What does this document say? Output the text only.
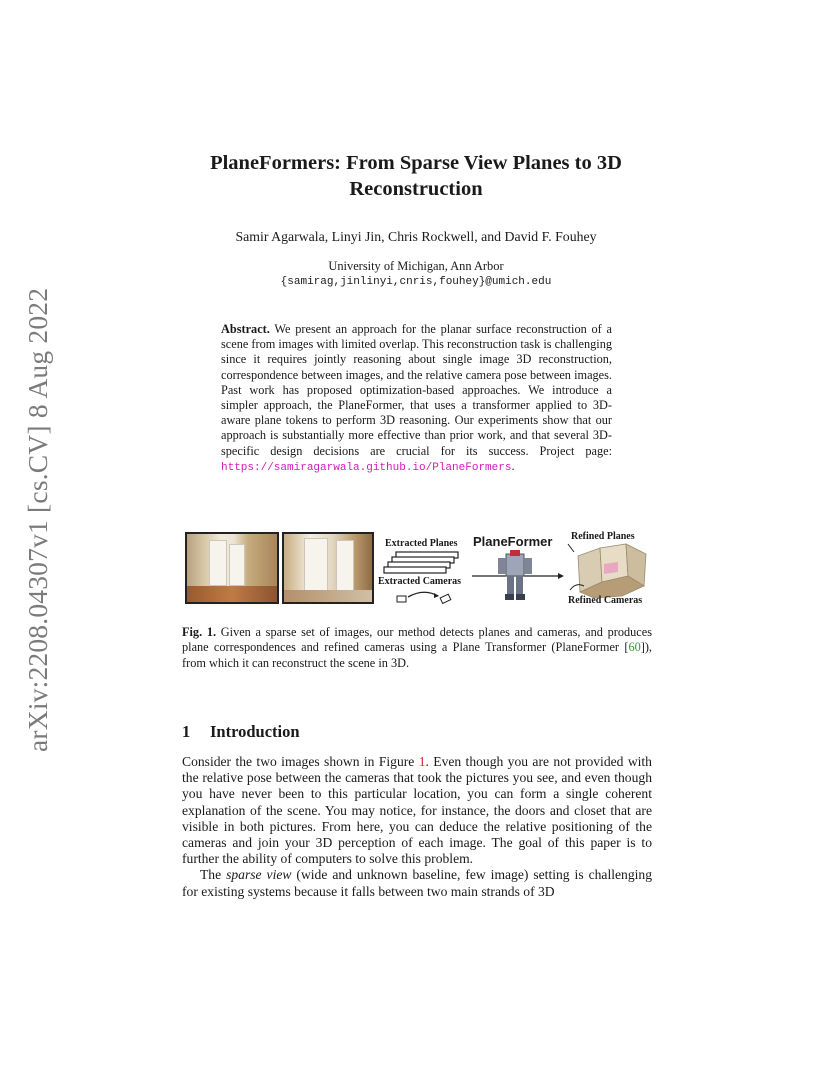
arXiv:2208.04307v1 [cs.CV] 8 Aug 2022
PlaneFormers: From Sparse View Planes to 3D Reconstruction
Samir Agarwala, Linyi Jin, Chris Rockwell, and David F. Fouhey
University of Michigan, Ann Arbor
{samirag,jinlinyi,cnris,fouhey}@umich.edu
Abstract. We present an approach for the planar surface reconstruction of a scene from images with limited overlap. This reconstruction task is challenging since it requires jointly reasoning about single image 3D reconstruction, correspondence between images, and the relative camera pose between images. Past work has proposed optimization-based approaches. We introduce a simpler approach, the PlaneFormer, that uses a transformer applied to 3D-aware plane tokens to perform 3D reasoning. Our experiments show that our approach is substantially more effective than prior work, and that several 3D-specific design decisions are crucial for its success. Project page: https://samiragarwala.github.io/PlaneFormers.
Extracted Planes
Extracted Cameras
PlaneFormer Refined Planes
Refined Cameras
Fig. 1. Given a sparse set of images, our method detects planes and cameras, and produces plane correspondences and refined cameras using a Plane Transformer (PlaneFormer [60]), from which it can reconstruct the scene in 3D.
1 Introduction

Consider the two images shown in Figure 1. Even though you are not provided with the relative pose between the cameras that took the pictures you see, and even though you have never been to this particular location, you can form a single coherent explanation of the scene. You may notice, for instance, the doors and closet that are visible in both pictures. From here, you can deduce the relative positioning of the cameras and join your 3D perception of each image. The goal of this paper is to further the ability of computers to solve this problem.

The sparse view (wide and unknown baseline, few image) setting is challenging for existing systems because it falls between two main strands of 3D
